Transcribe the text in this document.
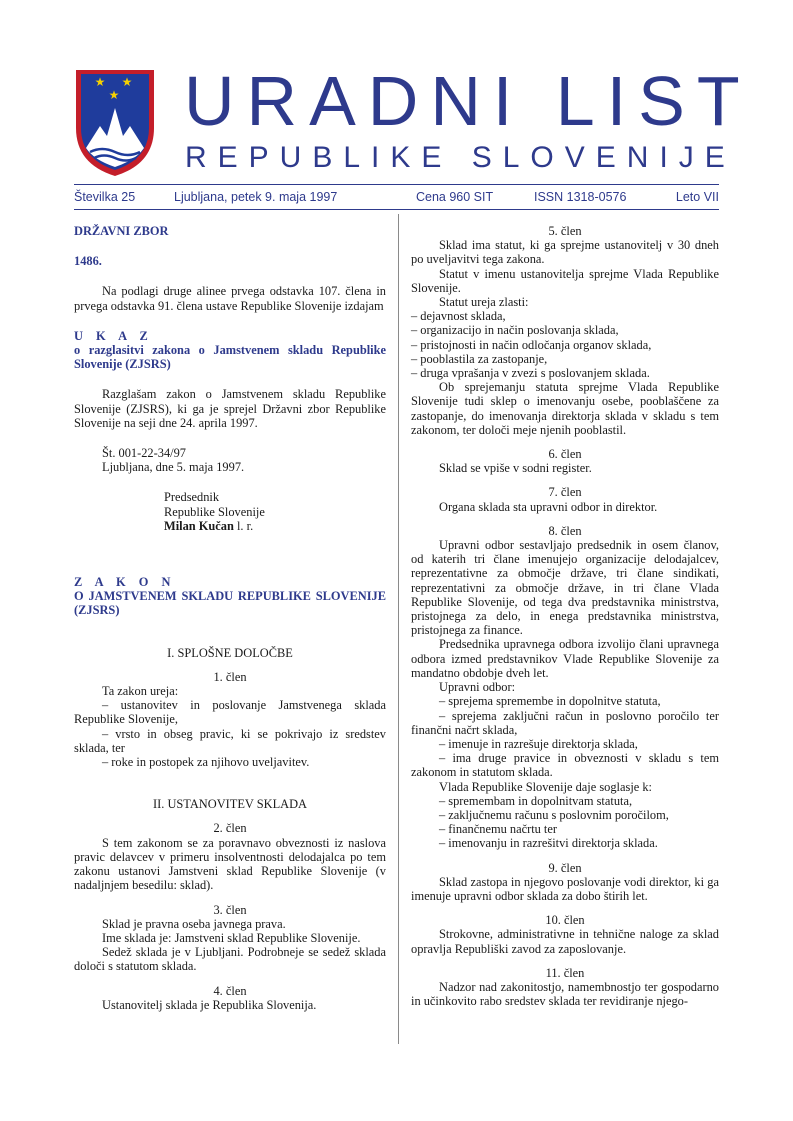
★ ★
★ URADNI LIST
REPUBLIKE SLOVENIJE
Številka 25	Ljubljana, petek 9. maja 1997	Cena 960 SIT	ISSN 1318-0576	Leto VII

DRŽAVNI ZBOR

1486.

Na podlagi druge alinee prvega odstavka 107. člena in prvega odstavka 91. člena ustave Republike Slovenije izdajam

U K A Z

o razglasitvi zakona o Jamstvenem skladu Republike Slovenije (ZJSRS)

Razglašam zakon o Jamstvenem skladu Republike Slovenije (ZJSRS), ki ga je sprejel Državni zbor Republike Slovenije na seji dne 24. aprila 1997.

Št. 001-22-34/97

Ljubljana, dne 5. maja 1997.

Predsednik

Republike Slovenije

Milan Kučan l. r.

Z A K O N

O JAMSTVENEM SKLADU REPUBLIKE SLOVENIJE (ZJSRS)

I. SPLOŠNE DOLOČBE

1. člen

Ta zakon ureja:

– ustanovitev in poslovanje Jamstvenega sklada Republike Slovenije,

– vrsto in obseg pravic, ki se pokrivajo iz sredstev sklada, ter

– roke in postopek za njihovo uveljavitev.

II. USTANOVITEV SKLADA

2. člen

S tem zakonom se za poravnavo obveznosti iz naslova pravic delavcev v primeru insolventnosti delodajalca po tem zakonu ustanovi Jamstveni sklad Republike Slovenije (v nadaljnjem besedilu: sklad).

3. člen

Sklad je pravna oseba javnega prava.

Ime sklada je: Jamstveni sklad Republike Slovenije.

Sedež sklada je v Ljubljani. Podrobneje se sedež sklada določi s statutom sklada.

4. člen

Ustanovitelj sklada je Republika Slovenija.

5. člen

Sklad ima statut, ki ga sprejme ustanovitelj v 30 dneh po uveljavitvi tega zakona.

Statut v imenu ustanovitelja sprejme Vlada Republike Slovenije.

Statut ureja zlasti:

– dejavnost sklada,

– organizacijo in način poslovanja sklada,

– pristojnosti in način odločanja organov sklada,

– pooblastila za zastopanje,

– druga vprašanja v zvezi s poslovanjem sklada.

Ob sprejemanju statuta sprejme Vlada Republike Slovenije tudi sklep o imenovanju osebe, pooblaščene za zastopanje, do imenovanja direktorja sklada v skladu s tem zakonom, ter določi meje njenih pooblastil.

6. člen

Sklad se vpiše v sodni register.

7. člen

Organa sklada sta upravni odbor in direktor.

8. člen

Upravni odbor sestavljajo predsednik in osem članov, od katerih tri člane imenujejo organizacije delodajalcev, reprezentativne za območje države, tri člane sindikati, reprezentativni za območje države, in tri člane Vlada Republike Slovenije, od tega dva predstavnika ministrstva, pristojnega za delo, in enega predstavnika ministrstva, pristojnega za finance.

Predsednika upravnega odbora izvolijo člani upravnega odbora izmed predstavnikov Vlade Republike Slovenije za mandatno obdobje dveh let.

Upravni odbor:

– sprejema spremembe in dopolnitve statuta,

– sprejema zaključni račun in poslovno poročilo ter finančni načrt sklada,

– imenuje in razrešuje direktorja sklada,

– ima druge pravice in obveznosti v skladu s tem zakonom in statutom sklada.

Vlada Republike Slovenije daje soglasje k:

– spremembam in dopolnitvam statuta,

– zaključnemu računu s poslovnim poročilom,

– finančnemu načrtu ter

– imenovanju in razrešitvi direktorja sklada.

9. člen

Sklad zastopa in njegovo poslovanje vodi direktor, ki ga imenuje upravni odbor sklada za dobo štirih let.

10. člen

Strokovne, administrativne in tehnične naloge za sklad opravlja Republiški zavod za zaposlovanje.

11. člen

Nadzor nad zakonitostjo, namembnostjo ter gospodarno in učinkovito rabo sredstev sklada ter revidiranje njego-
